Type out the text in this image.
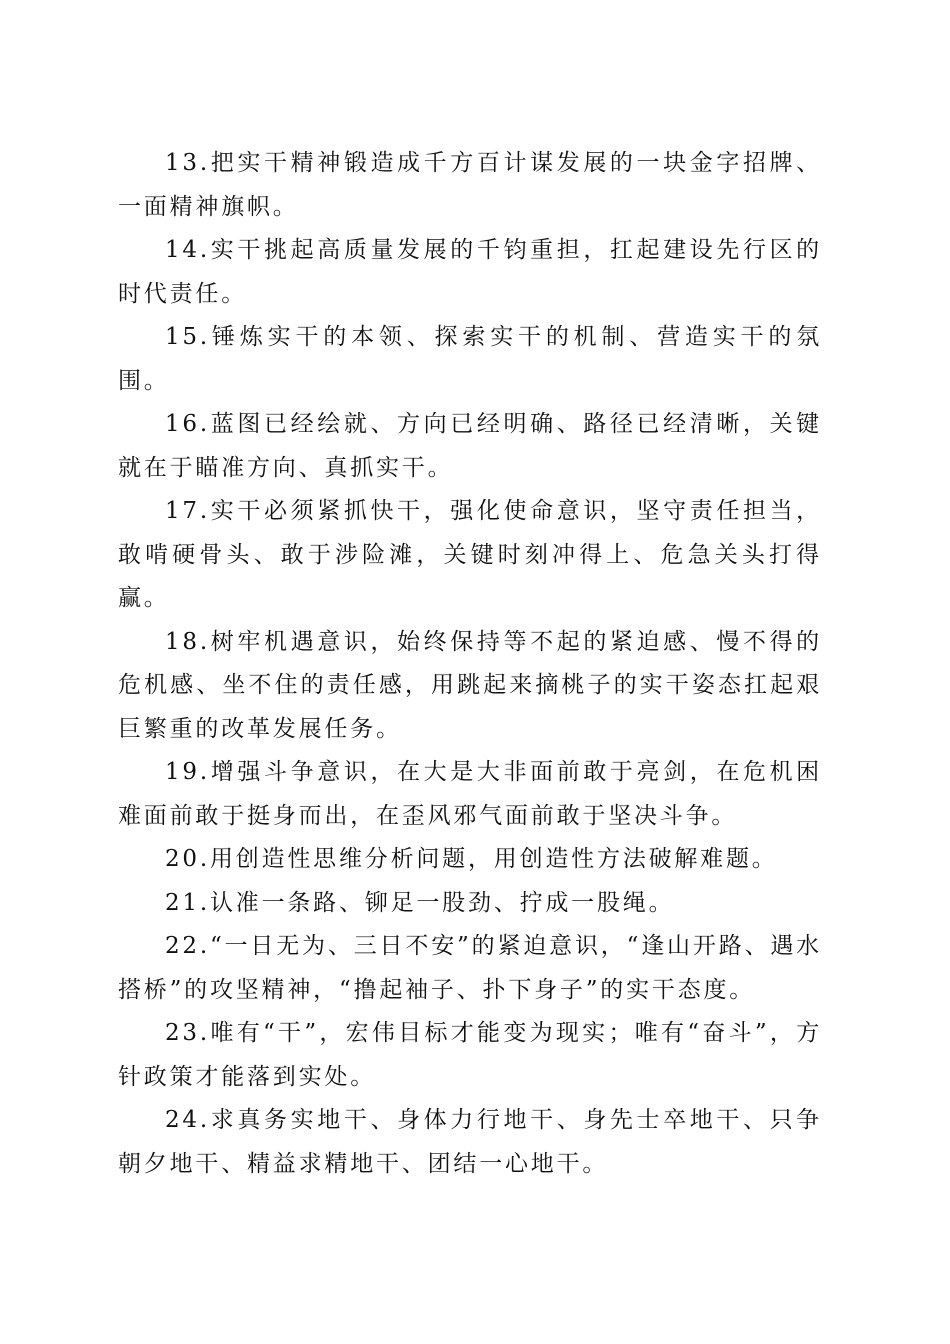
13.把实干精神锻造成千方百计谋发展的一块金字招牌、一面精神旗帜。

14.实干挑起高质量发展的千钧重担，扛起建设先行区的时代责任。

15.锤炼实干的本领、探索实干的机制、营造实干的氛围。

16.蓝图已经绘就、方向已经明确、路径已经清晰，关键就在于瞄准方向、真抓实干。

17.实干必须紧抓快干，强化使命意识，坚守责任担当，敢啃硬骨头、敢于涉险滩，关键时刻冲得上、危急关头打得赢。

18.树牢机遇意识，始终保持等不起的紧迫感、慢不得的危机感、坐不住的责任感，用跳起来摘桃子的实干姿态扛起艰巨繁重的改革发展任务。

19.增强斗争意识，在大是大非面前敢于亮剑，在危机困难面前敢于挺身而出，在歪风邪气面前敢于坚决斗争。

20.用创造性思维分析问题，用创造性方法破解难题。

21.认准一条路、铆足一股劲、拧成一股绳。

22.“一日无为、三日不安”的紧迫意识，“逢山开路、遇水搭桥”的攻坚精神，“撸起袖子、扑下身子”的实干态度。

23.唯有“干”，宏伟目标才能变为现实；唯有“奋斗”，方针政策才能落到实处。

24.求真务实地干、身体力行地干、身先士卒地干、只争朝夕地干、精益求精地干、团结一心地干。
